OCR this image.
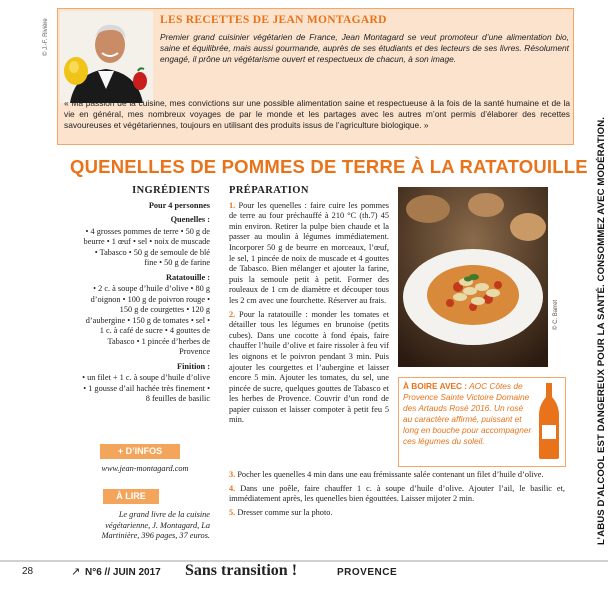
© J.-F. Rivière	LES RECETTES DE JEAN MONTAGARD

Premier grand cuisinier végétarien de France, Jean Montagard se veut promoteur d’une alimentation bio, saine et équilibrée, mais aussi gourmande, auprès de ses étudiants et des lecteurs de ses livres. Résolument engagé, il prône un végétarisme ouvert et respectueux de chacun, à son image.

« Ma passion de la cuisine, mes convictions sur une possible alimentation saine et respectueuse à la fois de la santé humaine et de la vie en général, mes nombreux voyages de par le monde et les partages avec les autres m’ont permis d’élaborer des recettes savoureuses et végétariennes, toujours en utilisant des produits issus de l’agriculture biologique. »

QUENELLES DE POMMES DE TERRE À LA RATATOUILLE
INGRÉDIENTS
Pour 4 personnes
Quenelles :

• 4 grosses pommes de terre • 50 g de beurre • 1 œuf • sel • noix de muscade • Tabasco • 50 g de semoule de blé fine • 50 g de farine

Ratatouille :

• 2 c. à soupe d’huile d’olive • 80 g d’oignon • 100 g de poivron rouge • 150 g de courgettes • 120 g d’aubergine • 150 g de tomates • sel • 1 c. à café de sucre • 4 gouttes de Tabasco • 1 pincée d’herbes de Provence

Finition :

• un filet + 1 c. à soupe d’huile d’olive • 1 gousse d’ail hachée très finement • 8 feuilles de basilic

+ D’INFOS
www.jean-montagard.com
À LIRE

Le grand livre de la cuisine végétarienne, J. Montagard, La Martinière, 396 pages, 37 euros.

PRÉPARATION

1. Pour les quenelles : faire cuire les pommes de terre au four préchauffé à 210 °C (th.7) 45 min environ. Retirer la pulpe bien chaude et la passer au moulin à légumes immédiatement. Incorporer 50 g de beurre en morceaux, l’œuf, le sel, 1 pincée de noix de muscade et 4 gouttes de Tabasco. Bien mélanger et ajouter la farine, puis la semoule petit à petit. Former des rouleaux de 1 cm de diamètre et découper tous les 2 cm avec une fourchette. Réserver au frais.

2. Pour la ratatouille : monder les tomates et détailler tous les légumes en brunoise (petits cubes). Dans une cocotte à fond épais, faire chauffer l’huile d’olive et faire rissoler à feu vif les oignons et le poivron pendant 3 min. Puis ajouter les courgettes et l’aubergine et laisser encore 5 min. Ajouter les tomates, du sel, une pincée de sucre, quelques gouttes de Tabasco et les herbes de Provence. Couvrir d’un rond de papier cuisson et laisser compoter à petit feu 5 min.

3. Pocher les quenelles 4 min dans une eau frémissante salée contenant un filet d’huile d’olive.

4. Dans une poêle, faire chauffer 1 c. à soupe d’huile d’olive. Ajouter l’ail, le basilic et, immédiatement après, les quenelles bien égouttées. Laisser mijoter 2 min.

5. Dresser comme sur la photo.

© C. Barret

À BOIRE AVEC : AOC Côtes de Provence Sainte Victoire Domaine des Artauds Rosé 2016. Un rosé au caractère affirmé, puissant et long en bouche pour accompagner ces légumes du soleil.	L’ABUS D’ALCOOL EST DANGEREUX POUR LA SANTÉ. CONSOMMEZ AVEC MODÉRATION.
28	↗ N°6 // JUIN 2017 Sans transition !	PROVENCE
